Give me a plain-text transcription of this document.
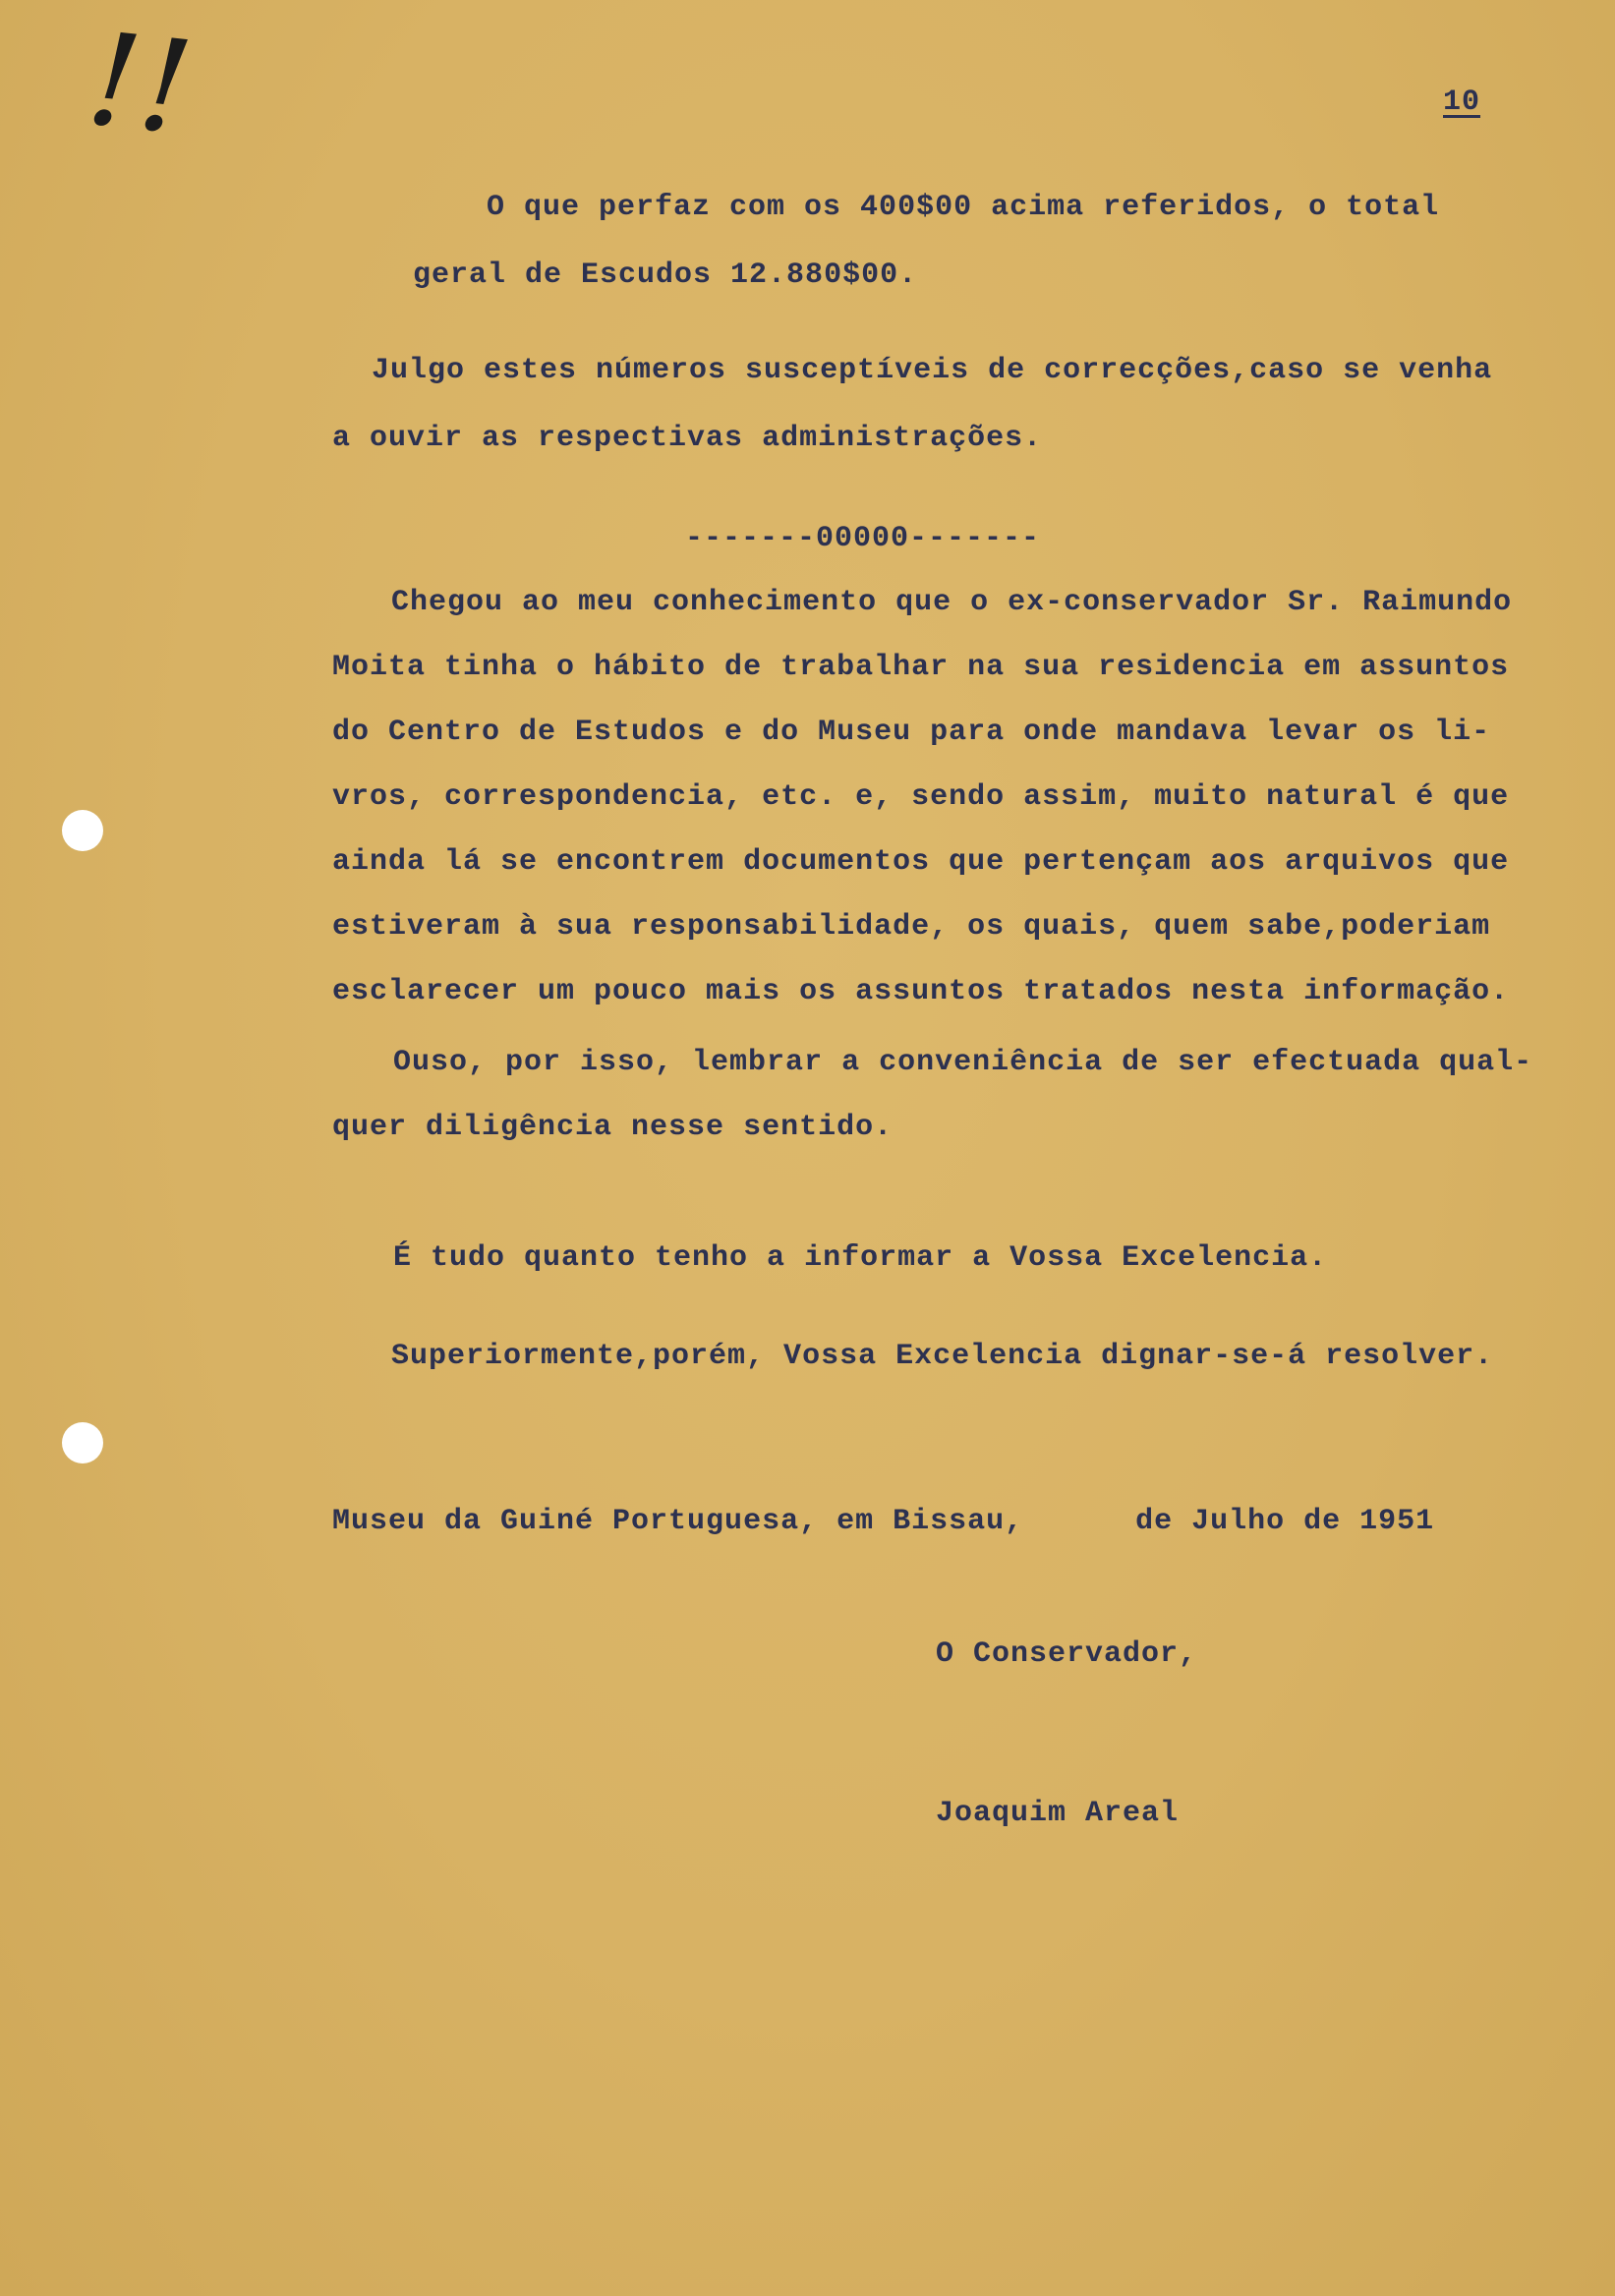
!!	10
O que perfaz com os 400$00 acima referidos, o total
geral de Escudos 12.880$00.
Julgo estes números susceptíveis de correcções,caso se venha
a ouvir as respectivas administrações.
-------00000-------
Chegou ao meu conhecimento que o ex-conservador Sr. Raimundo
Moita tinha o hábito de trabalhar na sua residencia em assuntos
do Centro de Estudos e do Museu para onde mandava levar os li-
vros, correspondencia, etc. e, sendo assim, muito natural é que
ainda lá se encontrem documentos que pertençam aos arquivos que
estiveram à sua responsabilidade, os quais, quem sabe,poderiam
esclarecer um pouco mais os assuntos tratados nesta informação.
Ouso, por isso, lembrar a conveniência de ser efectuada qual-
quer diligência nesse sentido.
É tudo quanto tenho a informar a Vossa Excelencia.
Superiormente,porém, Vossa Excelencia dignar-se-á resolver.
Museu da Guiné Portuguesa, em Bissau,      de Julho de 1951
O Conservador,
Joaquim Areal
